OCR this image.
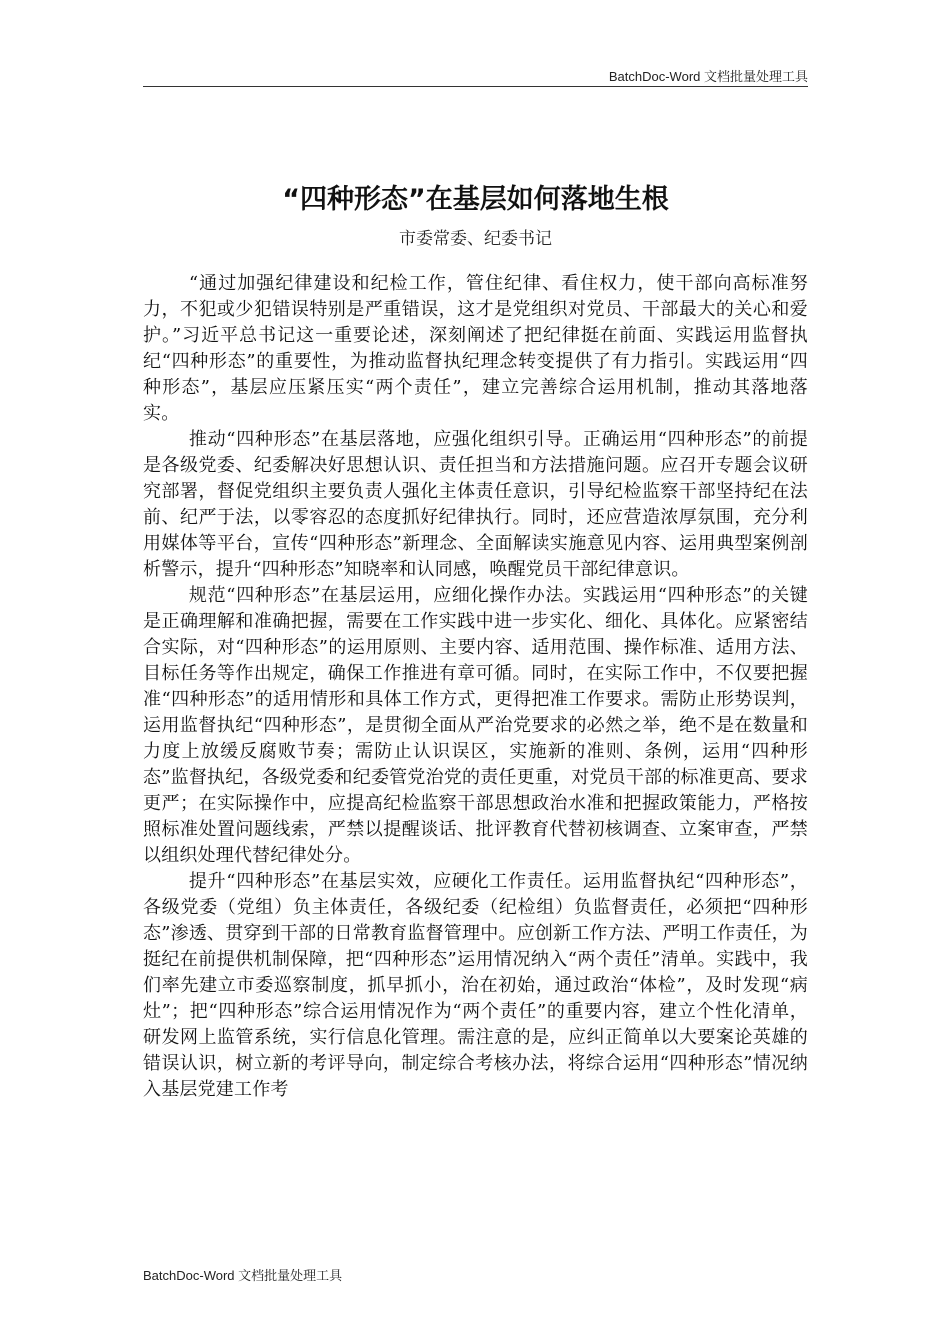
BatchDoc-Word 文档批量处理工具
“四种形态”在基层如何落地生根
市委常委、纪委书记

“通过加强纪律建设和纪检工作，管住纪律、看住权力，使干部向高标准努力，不犯或少犯错误特别是严重错误，这才是党组织对党员、干部最大的关心和爱护。”习近平总书记这一重要论述，深刻阐述了把纪律挺在前面、实践运用监督执纪“四种形态”的重要性，为推动监督执纪理念转变提供了有力指引。实践运用“四种形态”，基层应压紧压实“两个责任”，建立完善综合运用机制，推动其落地落实。

推动“四种形态”在基层落地，应强化组织引导。正确运用“四种形态”的前提是各级党委、纪委解决好思想认识、责任担当和方法措施问题。应召开专题会议研究部署，督促党组织主要负责人强化主体责任意识，引导纪检监察干部坚持纪在法前、纪严于法，以零容忍的态度抓好纪律执行。同时，还应营造浓厚氛围，充分利用媒体等平台，宣传“四种形态”新理念、全面解读实施意见内容、运用典型案例剖析警示，提升“四种形态”知晓率和认同感，唤醒党员干部纪律意识。

规范“四种形态”在基层运用，应细化操作办法。实践运用“四种形态”的关键是正确理解和准确把握，需要在工作实践中进一步实化、细化、具体化。应紧密结合实际，对“四种形态”的运用原则、主要内容、适用范围、操作标准、适用方法、目标任务等作出规定，确保工作推进有章可循。同时，在实际工作中，不仅要把握准“四种形态”的适用情形和具体工作方式，更得把准工作要求。需防止形势误判，运用监督执纪“四种形态”，是贯彻全面从严治党要求的必然之举，绝不是在数量和力度上放缓反腐败节奏；需防止认识误区，实施新的准则、条例，运用“四种形态”监督执纪，各级党委和纪委管党治党的责任更重，对党员干部的标准更高、要求更严；在实际操作中，应提高纪检监察干部思想政治水准和把握政策能力，严格按照标准处置问题线索，严禁以提醒谈话、批评教育代替初核调查、立案审查，严禁以组织处理代替纪律处分。

提升“四种形态”在基层实效，应硬化工作责任。运用监督执纪“四种形态”，各级党委（党组）负主体责任，各级纪委（纪检组）负监督责任，必须把“四种形态”渗透、贯穿到干部的日常教育监督管理中。应创新工作方法、严明工作责任，为挺纪在前提供机制保障，把“四种形态”运用情况纳入“两个责任”清单。实践中，我们率先建立市委巡察制度，抓早抓小，治在初始，通过政治“体检”，及时发现“病灶”；把“四种形态”综合运用情况作为“两个责任”的重要内容，建立个性化清单，研发网上监管系统，实行信息化管理。需注意的是，应纠正简单以大要案论英雄的错误认识，树立新的考评导向，制定综合考核办法，将综合运用“四种形态”情况纳入基层党建工作考

BatchDoc-Word 文档批量处理工具
